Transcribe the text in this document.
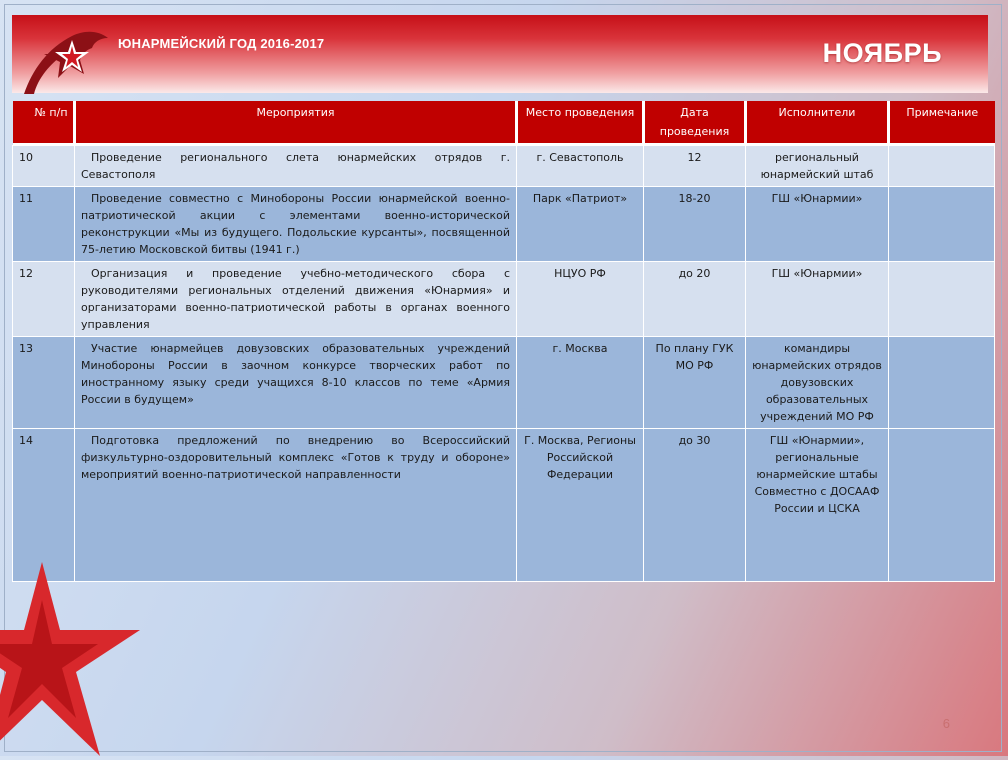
ЮНАРМЕЙСКИЙ ГОД 2016-2017	НОЯБРЬ
№ п/п	Мероприятия	Место проведения	Дата проведения	Исполнители	Примечание

10	Проведение регионального слета юнармейских отрядов г. Севастополя	г. Севастополь	12	региональный юнармейский штаб	
11	Проведение совместно с Минобороны России юнармейской военно-патриотической акции с элементами военно-исторической реконструкции «Мы из будущего. Подольские курсанты», посвященной 75-летию Московской битвы (1941 г.)	Парк «Патриот»	18-20	ГШ «Юнармии»	
12	Организация и проведение учебно-методического сбора с руководителями региональных отделений движения «Юнармия» и организаторами военно-патриотической работы в органах военного управления	НЦУО РФ	до 20	ГШ «Юнармии»	
13	Участие юнармейцев довузовских образовательных учреждений Минобороны России в заочном конкурсе творческих работ по иностранному языку среди учащихся 8-10 классов по теме «Армия России в будущем»	г. Москва	По плану ГУК МО РФ	командиры юнармейских отрядов довузовских образовательных учреждений МО РФ	
14	Подготовка предложений по внедрению во Всероссийский физкультурно-оздоровительный комплекс «Готов к труду и обороне» мероприятий военно-патриотической направленности	Г. Москва, Регионы Российской Федерации	до 30	ГШ «Юнармии», региональные юнармейские штабы Совместно с ДОСААФ России и ЦСКА	
6
